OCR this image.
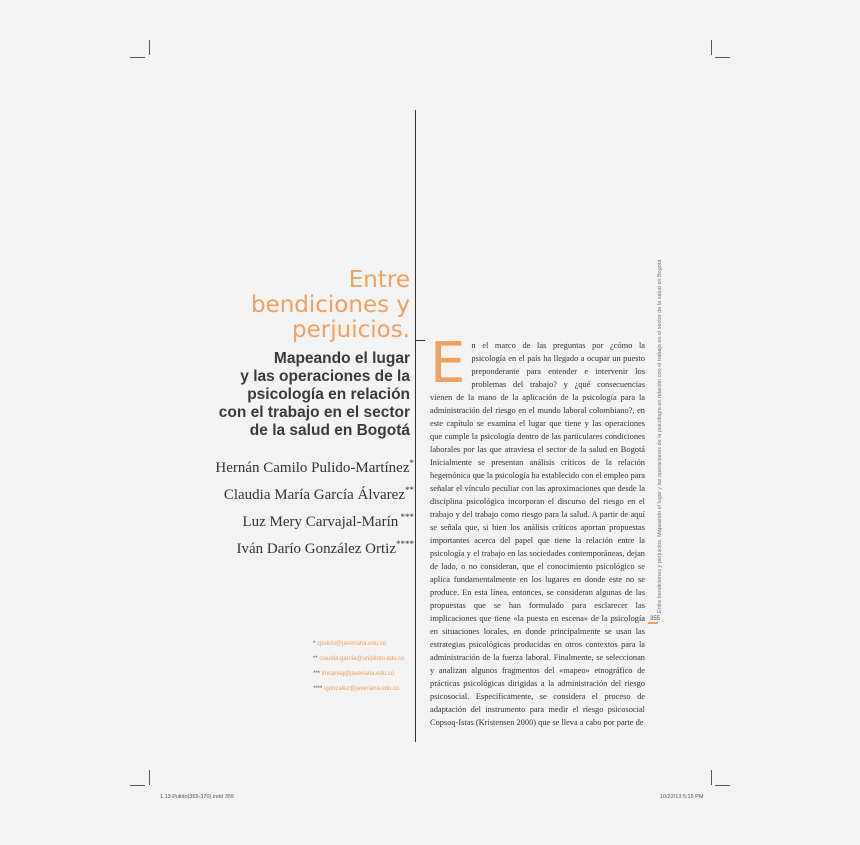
Entre
bendiciones y
perjuicios.
Mapeando el lugar
y las operaciones de la
psicología en relación
con el trabajo en el sector
de la salud en Bogotá
Hernán Camilo Pulido-Martínez*
Claudia María García Álvarez**
Luz Mery Carvajal-Marín ***
Iván Darío González Ortiz****
E n el marco de las preguntas por ¿cómo la psicología en el país ha llegado a ocupar un puesto preponderante para entender e intervenir los problemas del trabajo? y ¿qué consecuencias vienen de la mano de la aplicación de la psicología para la administración del riesgo en el mundo laboral colombiano?, en este capítulo se examina el lugar que tiene y las operaciones que cumple la psicología dentro de las particulares condiciones laborales por las que atraviesa el sector de la salud en Bogotá Inicialmente se presentan análisis críticos de la relación hegemónica que la psicología ha establecido con el empleo para señalar el vínculo peculiar con las aproximaciones que desde la disciplina psicológica incorporan el discurso del riesgo en el trabajo y del trabajo como riesgo para la salud. A partir de aquí se señala que, si bien los análisis críticos aportan propuestas importantes acerca del papel que tiene la relación entre la psicología y el trabajo en las sociedades contemporáneas, dejan de lado, o no consideran, que el conocimiento psicológico se aplica fundamentalmente en los lugares en donde este no se produce. En esta línea, entonces, se consideran algunas de las propuestas que se han formulado para esclarecer las implicaciones que tiene «la puesta en escena» de la psicología en situaciones locales, en donde principalmente se usan las estrategias psicológicas producidas en otros contextos para la administración de la fuerza laboral. Finalmente, se seleccionan y analizan algunos fragmentos del «mapeo» etnográfico de prácticas psicológicas dirigidas a la administración del riesgo psicosocial. Específicamente, se considera el proceso de adaptación del instrumento para medir el riesgo psicosocial Copsoq-Istas (Kristensen 2000) que se lleva a cabo por parte de
* cpulido@javeriana.edu.co
** claudia.garcia@unipiloto.edu.co
*** lmcarvaj@javeriana.edu.co
**** igonzalez@javeriana.edu.co
Entre bendiciones y perjuicios. Mapeando el lugar y las operaciones de la psicología en relación con el trabajo en el sector de la salud en Bogotá
355
1.13 Pulido(355-370).indd 355	10/22/13 5:15 PM
